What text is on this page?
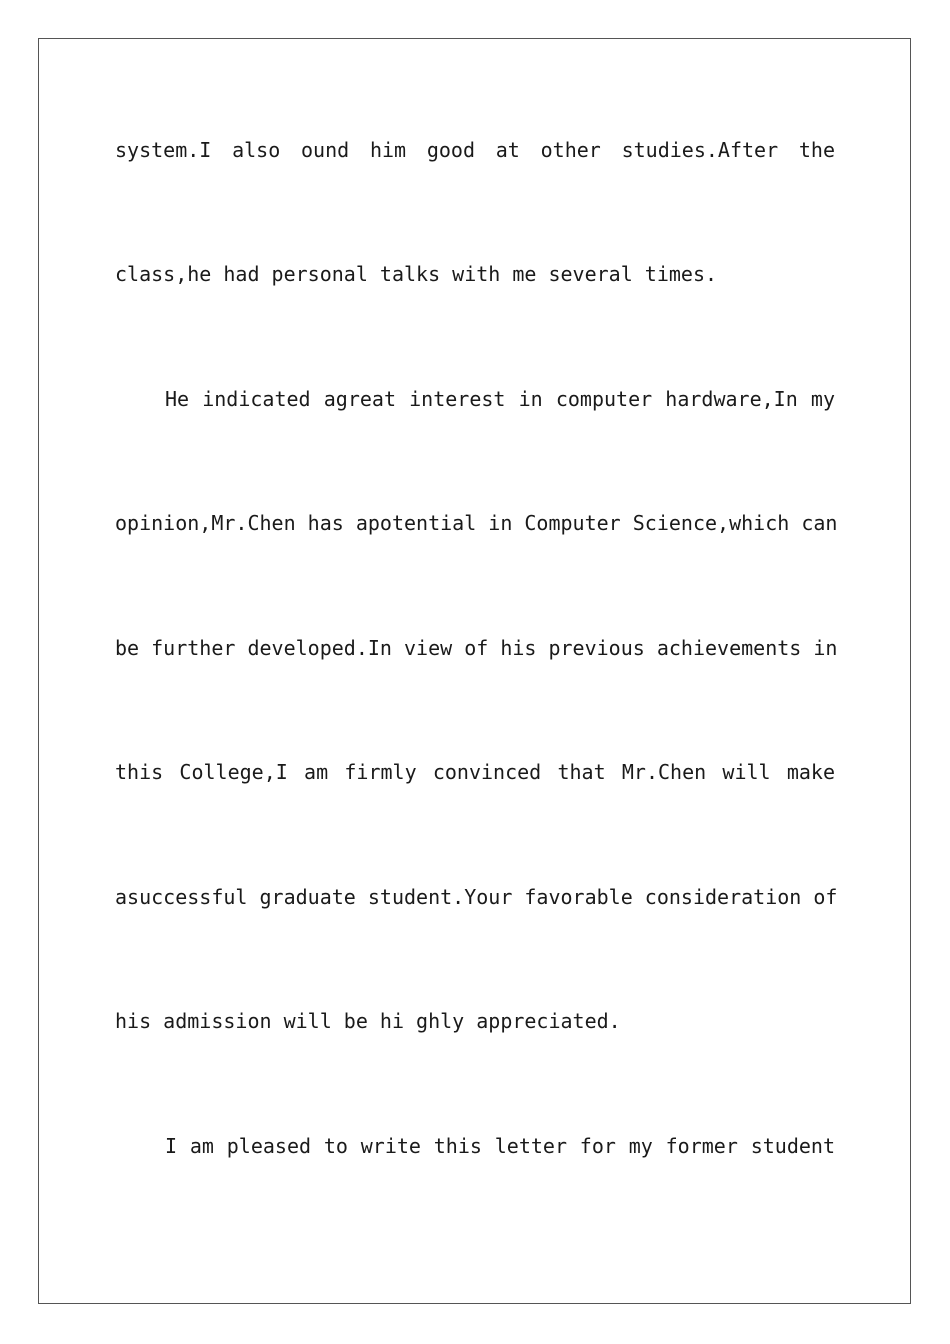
system.I also ound him good at other studies.After the
class,he had personal talks with me several times.
He indicated agreat interest in computer hardware,In my
opinion,Mr.Chen has apotential in Computer Science,which can
be further developed.In view of his previous achievements in
this College,I am firmly convinced that Mr.Chen will make
asuccessful graduate student.Your favorable consideration of
his admission will be hi ghly appreciated.
I am pleased to write this letter for my former student
